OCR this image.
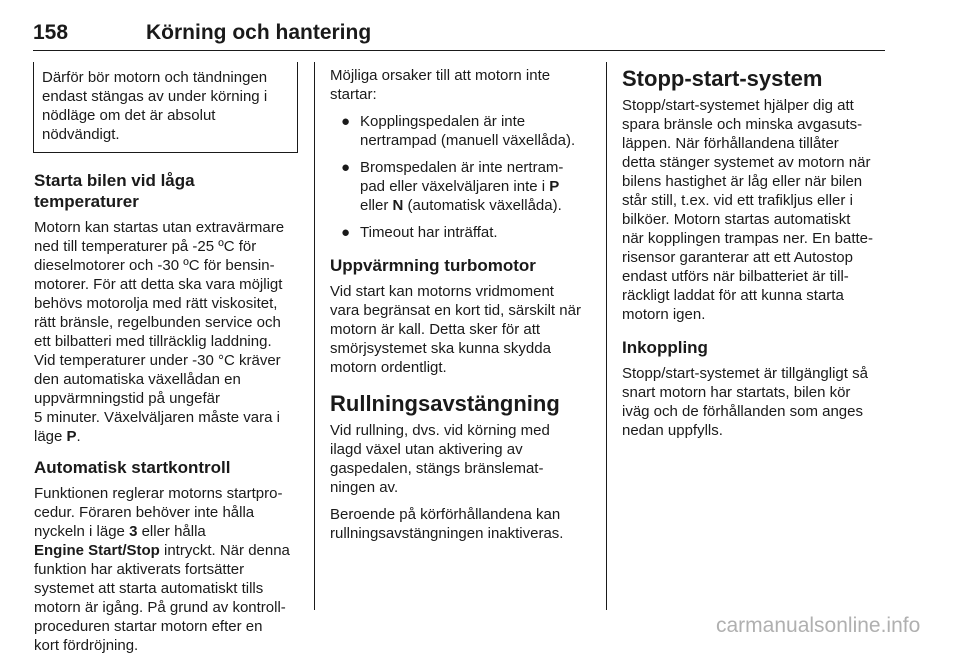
158	Körning och hantering

Därför bör motorn och tändningen
endast stängas av under körning i
nödläge om det är absolut
nödvändigt.

Starta bilen vid låga temperaturer

Motorn kan startas utan extravärmare
ned till temperaturer på -25 ºC för
dieselmotorer och -30 ºC för bensin-
motorer. För att detta ska vara möjligt
behövs motorolja med rätt viskositet,
rätt bränsle, regelbunden service och
ett bilbatteri med tillräcklig laddning.
Vid temperaturer under -30 °C kräver
den automatiska växellådan en
uppvärmningstid på ungefär
5 minuter. Växelväljaren måste vara i
läge P.

Automatisk startkontroll

Funktionen reglerar motorns startpro-
cedur. Föraren behöver inte hålla
nyckeln i läge 3 eller hålla
Engine Start/Stop intryckt. När denna
funktion har aktiverats fortsätter
systemet att starta automatiskt tills
motorn är igång. På grund av kontroll-
proceduren startar motorn efter en
kort fördröjning.

Möjliga orsaker till att motorn inte
startar:

● Kopplingspedalen är inte
nertrampad (manuell växellåda).
● Bromspedalen är inte nertram-
pad eller växelväljaren inte i P
eller N (automatisk växellåda).
● Timeout har inträffat.
Uppvärmning turbomotor

Vid start kan motorns vridmoment
vara begränsat en kort tid, särskilt när
motorn är kall. Detta sker för att
smörjsystemet ska kunna skydda
motorn ordentligt.

Rullningsavstängning

Vid rullning, dvs. vid körning med
ilagd växel utan aktivering av
gaspedalen, stängs bränslemat-
ningen av.

Beroende på körförhållandena kan
rullningsavstängningen inaktiveras.

Stopp-start-system

Stopp/start-systemet hjälper dig att
spara bränsle och minska avgasuts-
läppen. När förhållandena tillåter
detta stänger systemet av motorn när
bilens hastighet är låg eller när bilen
står still, t.ex. vid ett trafikljus eller i
bilköer. Motorn startas automatiskt
när kopplingen trampas ner. En batte-
risensor garanterar att ett Autostop
endast utförs när bilbatteriet är till-
räckligt laddat för att kunna starta
motorn igen.

Inkoppling

Stopp/start-systemet är tillgängligt så
snart motorn har startats, bilen kör
iväg och de förhållanden som anges
nedan uppfylls.

carmanualsonline.info
